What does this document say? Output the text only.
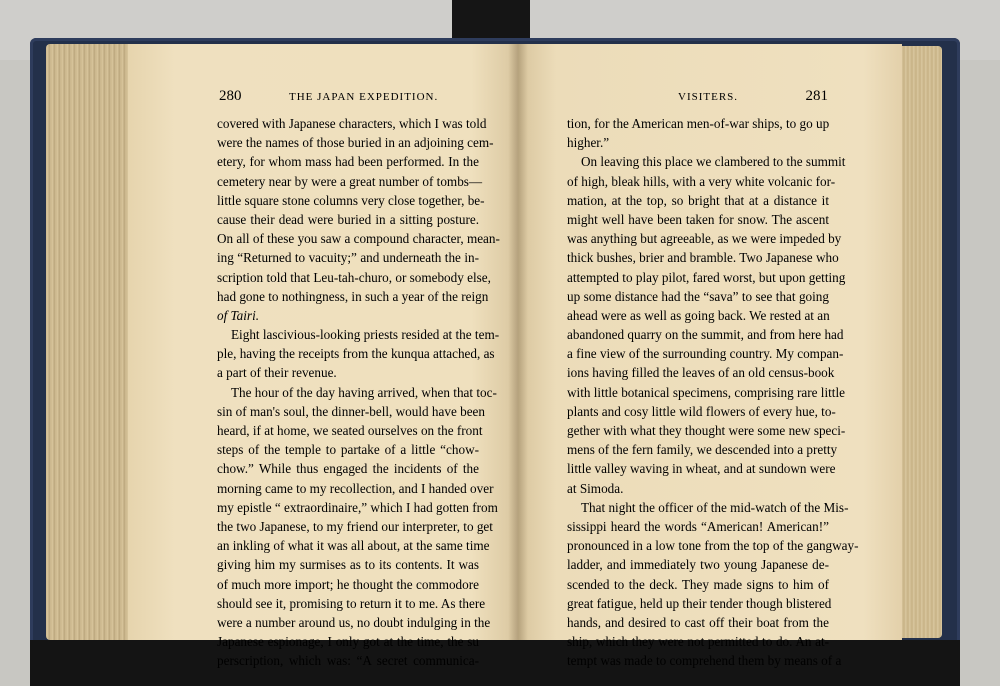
280	THE JAPAN EXPEDITION.	VISITERS.	281
covered with Japanese characters, which I was told
were the names of those buried in an adjoining cem-
etery, for whom mass had been performed. In the
cemetery near by were a great number of tombs—
little square stone columns very close together, be-
cause their dead were buried in a sitting posture.
On all of these you saw a compound character, mean-
ing “Returned to vacuity;” and underneath the in-
scription told that Leu-tah-churo, or somebody else,
had gone to nothingness, in such a year of the reign
of Tairi.
Eight lascivious-looking priests resided at the tem-
ple, having the receipts from the kunqua attached, as
a part of their revenue.
The hour of the day having arrived, when that toc-
sin of man's soul, the dinner-bell, would have been
heard, if at home, we seated ourselves on the front
steps of the temple to partake of a little “chow-
chow.” While thus engaged the incidents of the
morning came to my recollection, and I handed over
my epistle “ extraordinaire,” which I had gotten from
the two Japanese, to my friend our interpreter, to get
an inkling of what it was all about, at the same time
giving him my surmises as to its contents. It was
of much more import; he thought the commodore
should see it, promising to return it to me. As there
were a number around us, no doubt indulging in the
Japanese espionage, I only got at the time, the su
perscription, which was: “A secret communica-
tion, for the American men-of-war ships, to go up
higher.”
On leaving this place we clambered to the summit
of high, bleak hills, with a very white volcanic for-
mation, at the top, so bright that at a distance it
might well have been taken for snow. The ascent
was anything but agreeable, as we were impeded by
thick bushes, brier and bramble. Two Japanese who
attempted to play pilot, fared worst, but upon getting
up some distance had the “sava” to see that going
ahead were as well as going back. We rested at an
abandoned quarry on the summit, and from here had
a fine view of the surrounding country. My compan-
ions having filled the leaves of an old census-book
with little botanical specimens, comprising rare little
plants and cosy little wild flowers of every hue, to-
gether with what they thought were some new speci-
mens of the fern family, we descended into a pretty
little valley waving in wheat, and at sundown were
at Simoda.
That night the officer of the mid-watch of the Mis-
sissippi heard the words “American! American!”
pronounced in a low tone from the top of the gangway-
ladder, and immediately two young Japanese de-
scended to the deck. They made signs to him of
great fatigue, held up their tender though blistered
hands, and desired to cast off their boat from the
ship, which they were not permitted to do. An at-
tempt was made to comprehend them by means of a
